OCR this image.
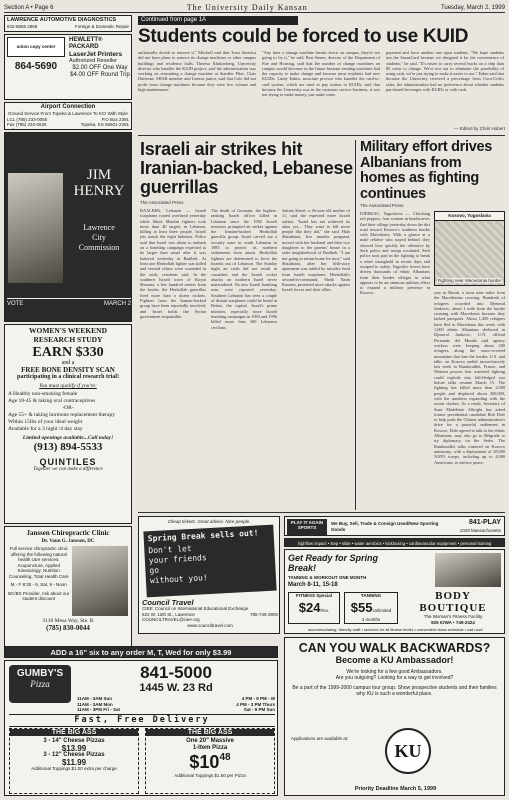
Section A • Page 6	The University Daily Kansan	Tuesday, March 2, 1999
LAWRENCE AUTOMOTIVE DIAGNOSTICS
842-8665 2858	Foreign & Domestic Repair
union copy center
864-5690
HEWLETT® PACKARD
LaserJet Printers
Authorized Reseller
$2.00 OFF One Way
$4.00 OFF Round Trip
Airport Connection
Ground Service From Topeka & Lawrence To KCI With Style
LCL (785) 233-0055	P.O Box 2391
Fax (785) 233-0626	Topeka, KS 66601-2391
Toll Free 1-888-313-3932
JIM
HENRY
Lawrence
City
Commission
VOTE	MARCH 2
WOMEN'S WEEKEND RESEARCH STUDY
EARN $330
and a
FREE BONE DENSITY SCAN
participating in a clinical research trial!
You must qualify if you're:
A Healthy non-smoking female
Age 18-45 & taking oral contraceptives
-OR-
Age 55+ & taking hormone replacement therapy
Within 15lbs of your ideal weight
Available for a 3 night /4 day stay
Limited openings available...Call today!
(913) 894-5533
QUINTILES
Together we can make a difference
Janssen Chiropractic Clinic
Dr. Vaun G. Janssen, DC
Full service chiropractic clinic offering the following natural health care services: Acupuncture, Applied Kinesiology, Nutrition Counseling, Total Health Care
M - F 8:30 - 6, Sat. 9 - Noon
BC/BS Provider. Ask about our student discount
3110 Mesa Way, Ste. B
(785) 830-0044
Continued from page 1A
Students could be forced to use KUID
unilaterally decide to remove it." Mitchell said that Trust America did not have plans to remove its change machines or other campus buildings and residence halls. Theresa Klinkenberg, University director who handles the KUID project, said the administration was working on reinstating a change machine at Stauffer Flint. Chris Dufresne, SHAR member and Lenexa junior, said that Cole did not profit from change machines because they were low volume and high maintenance.
"Any time a change machine breaks down on campus, they're not going to fix it," he said. Ron Stoner, director of the Department of Fire and Housing, said that the number of change machines on campus would decrease in the future because vending machines had the capacity to make change and because most residents had new KUIDs. Lindy Eakin, associate provost who handles the card-to-card system, which are used to pay tuition to KUIDs, said that because the University was in the customer service business, it was not trying to make money, just make some.
payment and force another one upon students. "We hope students use the SmartCard because we designed it for the convenience of students," he said. "It's easier to carry several bucks on a chip than $5 coins to change. We're not out to eliminate the possibility of using cash, we're just trying to make it easier to use." Eakin said that because the University received a percentage from Coca-Cola's sales, the administration had no preference about whether students purchased beverages with KUIDs or with cash.
— Edited by Chris Hubert
Israeli air strikes hit Iranian-backed, Lebanese guerrillas
The Associated Press
BAALBEK, Lebanon — Israeli warplanes roared overhead yesterday while Shiite Muslim fighters took more than 40 targets in Lebanon, killing at least three people. Israeli jets struck the eight hideouts. Police said that Israel was about to embark on a bombing campaign expected to be larger than usual after it was battered yesterday in Baalbek. At least one Hezbollah fighter was killed and several others were wounded in the raids, residents said. In the southern Israeli town of Kiryat Shmona, a few hundred meters from the border, the Hezbollah guerrillas fired more than a dozen rockets. Fighters from the Iranian-backed group have been reportedly involved, and Israel holds the Syrian government responsible.
The death of Germain, the highest-ranking Israeli officer killed in Lebanon since the 1982 Israeli invasion, prompted air strikes against the Iranian-backed Hezbollah guerrilla group. Israel carved out a security zone in south Lebanon in 1985 to protect its northern settlements from attack. Hezbollah fighters are determined to force the Israelis out of Lebanon. The Sunday night air raids did not result in casualties and the Israeli rocket attacks on northern Israel never materialized. No new Israeli bombing runs were reported yesterday. Southern Lebanon has seen a couple of distant warplanes could be heard in Beirut, the capital. Israel's prime minister, especially since Israeli bombing campaigns in 1993 and 1996 killed more than 360 Lebanese civilians.
Sakina Shreif, a 46-year-old mother of 11, said she expected more Israeli strikes. "Israel has not achieved its aims yet... They want to kill more people like they did," she said. Hala Shadabani, five months pregnant, moved with her husband and their two daughters to her parents' house in a safer neighborhood of Baalbek. "I am not going to return home for now," said Shadabani, after her fifth-story apartment was rattled by missiles fired from Israeli warplanes. Hezbollah's second-in-command, Sheik Naim Kassem, promised more attacks against Israeli forces and their allies.
Military effort drives Albanians from homes as fighting continues
The Associated Press
DJERKAC, Yugoslavia — Clutching red peppers, four women in headscarves fled their village yesterday down the dirt road toward Kosovo's southern border with Macedonia. With a glance at a male relative who stayed behind, they showed how quickly the offensive by Serb police and troops escalated. Serb police took part in the fighting to break a rebel stronghold in recent days and escaped to safety. Yugoslav forces have driven thousands of ethnic Albanians from their border villages in what appears to be an ominous military effort to expand a military presence in Kosovo.
Kosovo, Yugoslavia
Fighting near Macedonia border
sary in Racak, a town nine miles from the Macedonian crossing. Hundreds of refugees crowded into Djeneral Jankovic, about 1 mile from the border crossing with Macedonia because they lacked passports. About 1,200 refugees have fled to Macedonia this week, with 1,000 ethnic Albanians sheltered in Djeneral Jankovic, U.N. official Fernando del Mundo said agency workers were keeping about 200 refugees along the snow-covered mountains that line the border. U.S. and talks on Kosovo ended inconclusively last week in Rambouillet, France, and Western powers fear scattered fighting could explode into full-fledged war before talks resume March 15. The fighting has killed more than 2,000 people and displaced about 300,000, with the numbers expanding with the recent clashes. As a result, Secretary of State Madeleine Albright has asked former presidential candidate Bob Dole to help push the Clinton administration's drive for a peaceful settlement in Kosovo. Dole agreed to talk to the ethnic Albanians, may also go to Belgrade to try diplomacy on the Serbs. The Rambouillet talks centered on Kosovo autonomy, with a deployment of 28,000 NATO troops, including up to 4,000 Americans, to enforce peace.
Cheap tickets. Great advice. Nice people.
Spring Break sells out!
Don't let
your friends
go
without you!
Council Travel
CIEE: Council on International Educational Exchange
622 W. 12th St., Lawrence	785-749-3900
COUNCILTRAVEL@ciee.org
www.counciltravel.com
PLAY IT AGAIN SPORTS
We Buy, Sell, Trade & Consign Used/New Sporting Goods
841-PLAY
1029 Massachusetts
highflow impact • step • slide • water aerobics • kickboxing • cardiovascular equipment • personal training
Get Ready for Spring Break!
TANNING & WORKOUT ONE MONTH
March 8-11, 15-18
FITNESS Special
$24/mo.
TANNING
$55Unlimited
3 months
BODY BOUTIQUE
The Woman's Fitness Facility
925 IOWA • 749-2424
accommodating, friendly staff • services for all fitness levels • convenient class schedule • call now!
ADD a 16" six to any order M, T, Wed for only $3.99
GUMBY'S
Pizza
841-5000
1445 W. 23 Rd
11AM - 3AM Sun
11AM - 3AM Mon
11AM - 3PM Fri - Sat
4 PM - 9 PM - W
4 PM - 3 PM Thurs
Sat - 9 PM Sun
Fast, Free Delivery
THE BIG ASS
3 - 14" Cheese Pizzas
$13.99
3 - 12" Cheese Pizzas
$11.99
Additional Toppings $1.00 extra per charge
THE BIG ASS
One 20" Massive
1-Item Pizza
$\$10^{48}$
Additional Toppings $1.50 per Pizza
CAN YOU WALK BACKWARDS?
Become a KU Ambassador!
We're looking for a few good Ambassadors.
Are you outgoing? Looking for a way to get involved?
Be a part of the 1999-2000 campus tour group. Show prospective students and their families why KU is such a wonderful place.
KU
Applications are available at:
Priority Deadline March 5, 1999
